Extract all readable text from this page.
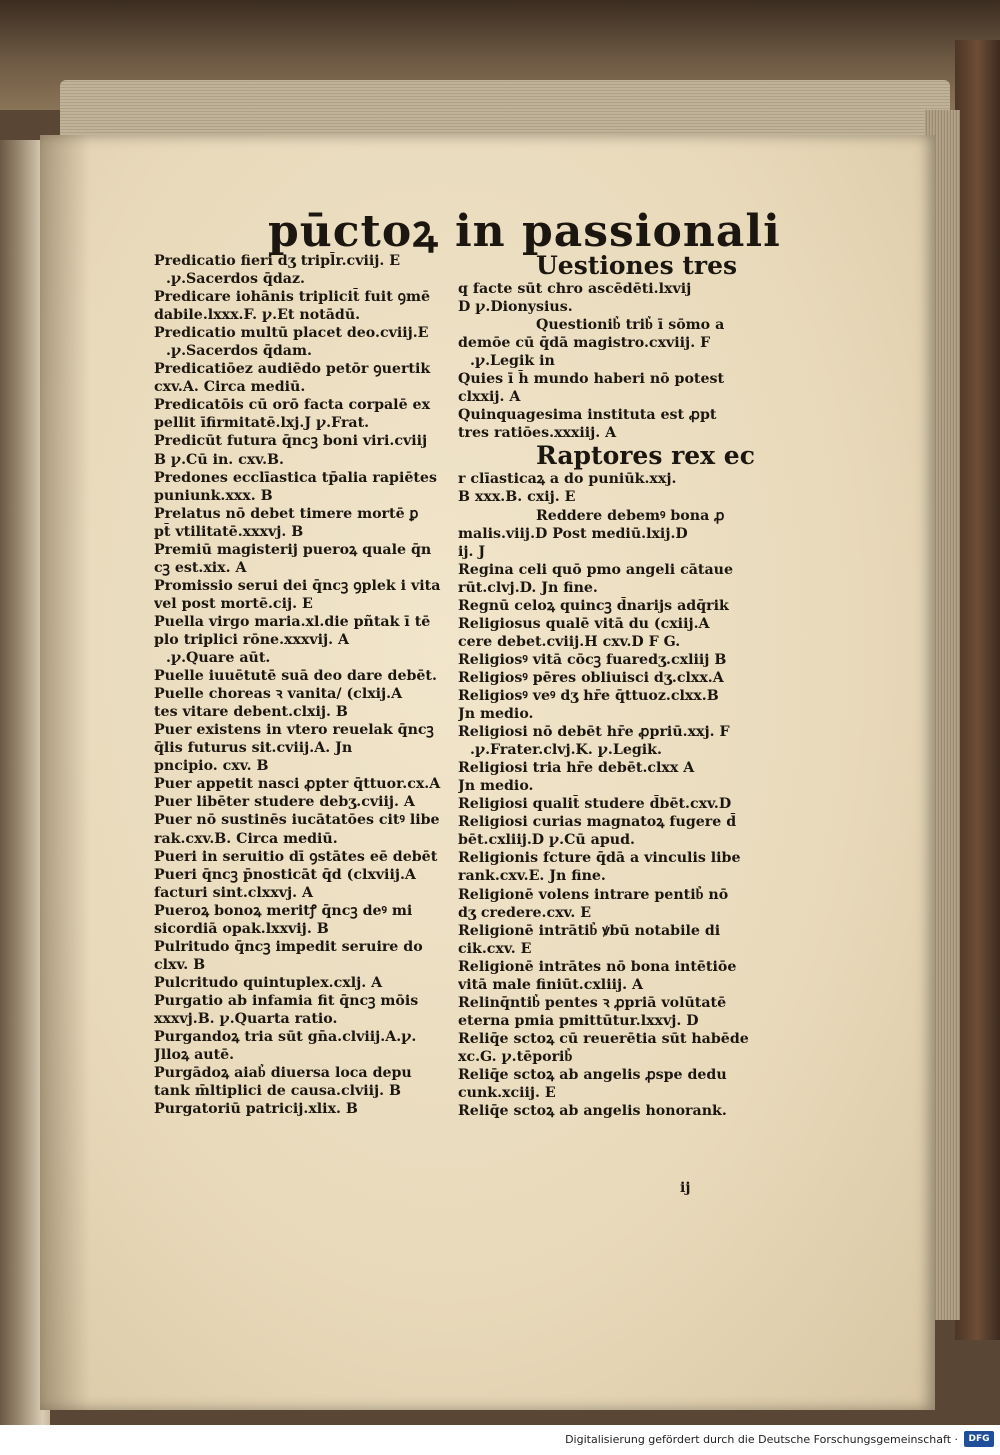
pūctoꝝ in passionali
Predicatio fieri dʒ tripl̄r.cviij. E
.ꝩ.Sacerdos q̄daz.
Predicare iohānis triplicit̄ fuit ꝯmē
dabile.lxxx.F. ꝩ.Et notādū.
Predicatio multū placet deo.cviij.E
.ꝩ.Sacerdos q̄dam.
Predicatiōez audiēdo petōr ꝯuertik
cxv.A. Circa mediū.
Predicatōis cū orō facta corpalē ex
pellit īfirmitatē.lxj.J ꝩ.Frat.
Predicūt futura q̄ncꝫ boni viri.cviij
B ꝩ.Cū in. cxv.B.
Predones ecclīastica tp̄alia rapiētes
puniunk.xxx. B
Prelatus nō debet timere mortē ꝑ
pt̄ vtilitatē.xxxvj. B
Premiū magisterij pueroꝝ quale q̄n
cꝫ est.xix. A
Promissio serui dei q̄ncꝫ ꝯplek i vita
vel post mortē.cij. E
Puella virgo maria.xl.die pñtak ī tē
plo triplici rōne.xxxvij. A
.ꝩ.Quare aūt.
Puelle iuuētutē suā deo dare debēt.
Puelle choreas ꝛ vanita/ (clxij.A
tes vitare debent.clxij. B
Puer existens in vtero reuelak q̄ncꝫ
q̄lis futurus sit.cviij.A. Jn
pncipio. cxv. B
Puer appetit nasci ꝓpter q̄ttuor.cx.A
Puer libēter studere debʒ.cviij. A
Puer nō sustinēs iucātatōes citꝰ libe
rak.cxv.B. Circa mediū.
Pueri in seruitio dī ꝯstātes eē debēt
Pueri q̄ncꝫ p̄nosticāt q̄d (clxviij.A
facturi sint.clxxvj. A
Pueroꝝ bonoꝝ meritꝭ q̄ncꝫ deꝰ mi
sicordiā opak.lxxvij. B
Pulritudo q̄ncꝫ impedit seruire do
clxv. B
Pulcritudo quintuplex.cxlj. A
Purgatio ab infamia fit q̄ncꝫ mōis
xxxvj.B. ꝩ.Quarta ratio.
Purgandoꝝ tria sūt gn̄a.clviij.A.ꝩ.
Jlloꝝ autē.
Purgādoꝝ aiab͛ diuersa loca depu
tank m̄ltiplici de causa.clviij. B
Purgatoriū patricij.xlix. B
Uestiones tres
q facte sūt chro ascēdēti.lxvij
D ꝩ.Dionysius.
Questionib͛ trib͛ ī sōmo a
demōe cū q̄dā magistro.cxviij. F
.ꝩ.Legik in
Quies ī h̄ mundo haberi nō potest
clxxij. A
Quinquagesima instituta est ꝓpt
tres ratiōes.xxxiij. A
Raptores rex ec
r clīasticaꝝ a do puniūk.xxj.
B xxx.B. cxij. E
Reddere debemꝰ bona ꝓ
malis.viij.D Post mediū.lxij.D
ij. J
Regina celi quō pmo angeli cātaue
rūt.clvj.D. Jn fine.
Regnū celoꝝ quincꝫ d̄narijs adq̄rik
Religiosus qualē vitā du (cxiij.A
cere debet.cviij.H cxv.D F G.
Religiosꝰ vitā cōcꝫ fuaredʒ.cxliij B
Religiosꝰ pēres obliuisci dʒ.clxx.A
Religiosꝰ veꝰ dʒ hr̄e q̄ttuoz.clxx.B
Jn medio.
Religiosi nō debēt hr̄e ꝓpriū.xxj. F
.ꝩ.Frater.clvj.K. ꝩ.Legik.
Religiosi tria hr̄e debēt.clxx A
Jn medio.
Religiosi qualit̄ studere d̄bēt.cxv.D
Religiosi curias magnatoꝝ fugere d̄
bēt.cxliij.D ꝩ.Cū apud.
Religionis fcture q̄dā a vinculis libe
rank.cxv.E. Jn fine.
Religionē volens intrare pentib͛ nō
dʒ credere.cxv. E
Religionē intrātib͛ ꝟbū notabile di
cik.cxv. E
Religionē intrātes nō bona intētiōe
vitā male finiūt.cxliij. A
Relinq̄ntib͛ pentes ꝛ ꝓpriā volūtatē
eterna pmia pmittūtur.lxxvj. D
Reliq̄e sctoꝝ cū reuerētia sūt habēde
xc.G. ꝩ.tēporib͛
Reliq̄e sctoꝝ ab angelis ꝓspe dedu
cunk.xciij. E
Reliq̄e sctoꝝ ab angelis honorank.
ij
Digitalisierung gefördert durch die Deutsche Forschungsgemeinschaft ·	DFG
